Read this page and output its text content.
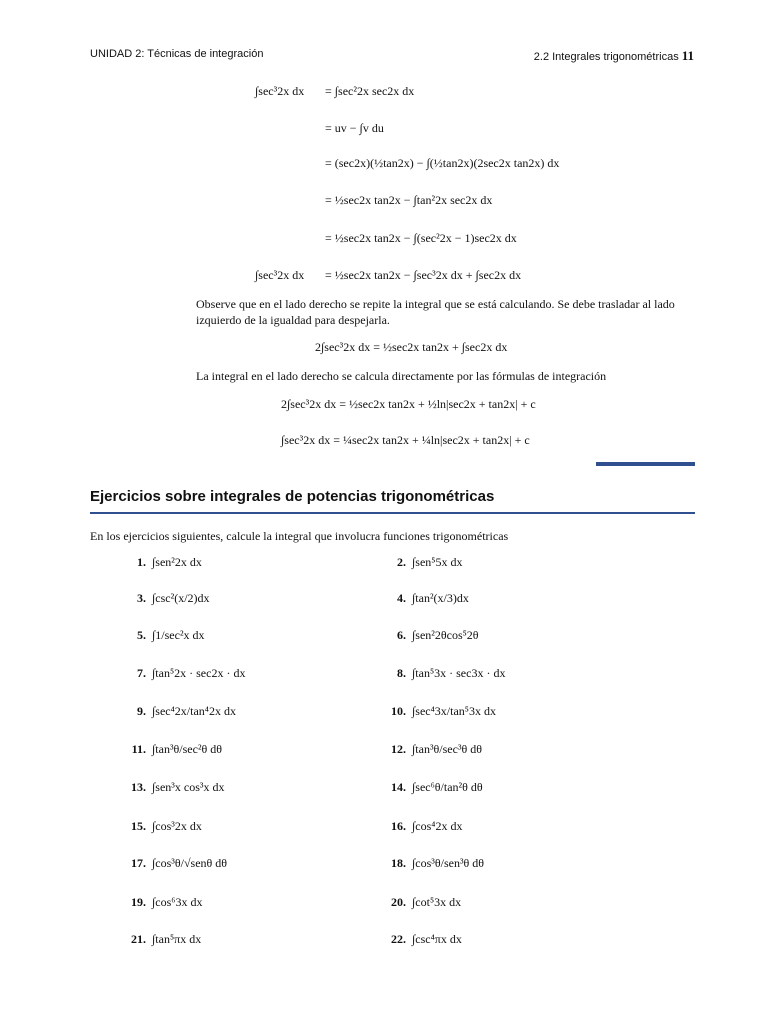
UNIDAD 2: Técnicas de integración	2.2 Integrales trigonométricas 11
∫sec³2x dx	= ∫sec²2x sec2x dx
= uv − ∫v du
= (sec2x)(½tan2x) − ∫(½tan2x)(2sec2x tan2x) dx
= ½sec2x tan2x − ∫tan²2x sec2x dx
= ½sec2x tan2x − ∫(sec²2x − 1)sec2x dx
∫sec³2x dx	= ½sec2x tan2x − ∫sec³2x dx + ∫sec2x dx
Observe que en el lado derecho se repite la integral que se está calculando. Se debe trasladar al lado izquierdo de la igualdad para despejarla.
2∫sec³2x dx = ½sec2x tan2x + ∫sec2x dx
La integral en el lado derecho se calcula directamente por las fórmulas de integración
2∫sec³2x dx = ½sec2x tan2x + ½ln|sec2x + tan2x| + c
∫sec³2x dx = ¼sec2x tan2x + ¼ln|sec2x + tan2x| + c
Ejercicios sobre integrales de potencias trigonométricas
En los ejercicios siguientes, calcule la integral que involucra funciones trigonométricas
1. ∫sen²2x dx	2. ∫sen⁵5x dx
3. ∫csc²(x/2)dx	4. ∫tan²(x/3)dx
5. ∫1/sec²x dx	6. ∫sen²2θcos⁵2θ
7. ∫tan⁵2x · sec2x · dx	8. ∫tan⁵3x · sec3x · dx
9. ∫sec⁴2x/tan⁴2x dx	10. ∫sec⁴3x/tan⁵3x dx
11. ∫tan³θ/sec²θ dθ	12. ∫tan³θ/sec³θ dθ
13. ∫sen³x cos³x dx	14. ∫sec⁶θ/tan²θ dθ
15. ∫cos³2x dx	16. ∫cos⁴2x dx
17. ∫cos³θ/√senθ dθ	18. ∫cos³θ/sen³θ dθ
19. ∫cos⁶3x dx	20. ∫cot⁵3x dx
21. ∫tan⁵πx dx	22. ∫csc⁴πx dx
